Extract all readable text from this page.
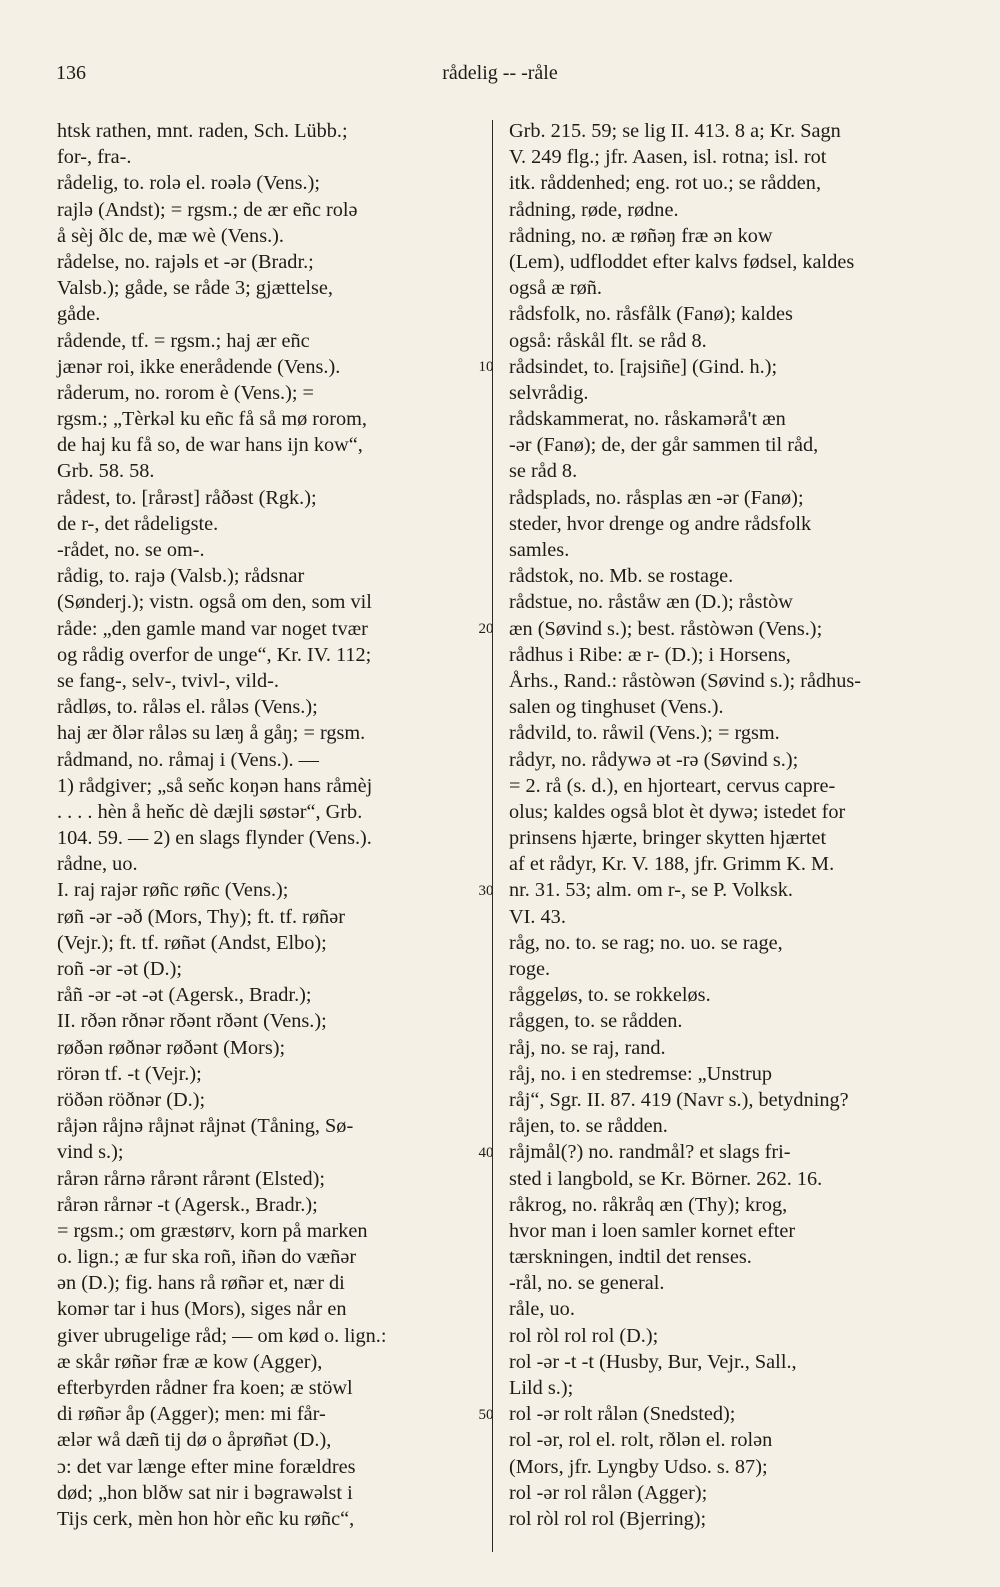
136	rådelig -- -råle
htsk rathen, mnt. raden, Sch. Lübb.;
for-, fra-.
rådelig, to. rolə el. roələ (Vens.);
rajlə (Andst); = rgsm.; de ær eñc rolə
å sèj ðlc de, mæ wè (Vens.).
rådelse, no. rajəls et -ər (Bradr.;
Valsb.); gåde, se råde 3; gjættelse,
gåde.
rådende, tf. = rgsm.; haj ær eñc
jænər roi, ikke enerådende (Vens.).
råderum, no. rorom è (Vens.); =
rgsm.; „Tèrkəl ku eñc få så mø rorom,
de haj ku få so, de war hans ijn kow“,
Grb. 58. 58.
rådest, to. [rårəst] råðəst (Rgk.);
de r-, det rådeligste.
-rådet, no. se om-.
rådig, to. rajə (Valsb.); rådsnar
(Sønderj.); vistn. også om den, som vil
råde: „den gamle mand var noget tvær
og rådig overfor de unge“, Kr. IV. 112;
se fang-, selv-, tvivl-, vild-.
rådløs, to. råləs el. råləs (Vens.);
haj ær ðlər råləs su læŋ å gåŋ; = rgsm.
rådmand, no. råmaj i (Vens.). —
1) rådgiver; „så seňc koŋən hans råmèj
. . . . hèn å heňc dè dæjli søstər“, Grb.
104. 59. — 2) en slags flynder (Vens.).
rådne, uo.
I. raj rajər røñc røñc (Vens.);
røñ -ər -əð (Mors, Thy); ft. tf. røñər
(Vejr.); ft. tf. røñət (Andst, Elbo);
roñ -ər -ət (D.);
råñ -ər -ət -ət (Agersk., Bradr.);
II. rðən rðnər rðənt rðənt (Vens.);
røðən røðnər røðənt (Mors);
rörən tf. -t (Vejr.);
röðən röðnər (D.);
råjən råjnə råjnət råjnət (Tåning, Sø-
vind s.);
rårən rårnə rårənt rårənt (Elsted);
rårən rårnər -t (Agersk., Bradr.);
= rgsm.; om græstørv, korn på marken
o. lign.; æ fur ska roñ, iñən do væñər
ən (D.); fig. hans rå røñər et, nær di
komər tar i hus (Mors), siges når en
giver ubrugelige råd; — om kød o. lign.:
æ skår røñər fræ æ kow (Agger),
efterbyrden rådner fra koen; æ stöwl
di røñər åp (Agger); men: mi får-
ælər wå dæñ tij dø o åprøñət (D.),
ɔ: det var længe efter mine forældres
død; „hon blðw sat nir i bəgrawəlst i
Tijs cerk, mèn hon hòr eñc ku røñc“,
10
20
30
40
50
Grb. 215. 59; se lig II. 413. 8 a; Kr. Sagn
V. 249 flg.; jfr. Aasen, isl. rotna; isl. rot
itk. råddenhed; eng. rot uo.; se rådden,
rådning, røde, rødne.
rådning, no. æ røñəŋ fræ ən kow
(Lem), udfloddet efter kalvs fødsel, kaldes
også æ røñ.
rådsfolk, no. råsfålk (Fanø); kaldes
også: råskål flt. se råd 8.
rådsindet, to. [rajsiñe] (Gind. h.);
selvrådig.
rådskammerat, no. råskamərå't æn
-ər (Fanø); de, der går sammen til råd,
se råd 8.
rådsplads, no. råsplas æn -ər (Fanø);
steder, hvor drenge og andre rådsfolk
samles.
rådstok, no. Mb. se rostage.
rådstue, no. råståw æn (D.); råstòw
æn (Søvind s.); best. råstòwən (Vens.);
rådhus i Ribe: æ r- (D.); i Horsens,
Århs., Rand.: råstòwən (Søvind s.); rådhus-
salen og tinghuset (Vens.).
rådvild, to. råwil (Vens.); = rgsm.
rådyr, no. rådywə ət -rə (Søvind s.);
= 2. rå (s. d.), en hjorteart, cervus capre-
olus; kaldes også blot èt dywə; istedet for
prinsens hjærte, bringer skytten hjærtet
af et rådyr, Kr. V. 188, jfr. Grimm K. M.
nr. 31. 53; alm. om r-, se P. Volksk.
VI. 43.
råg, no. to. se rag; no. uo. se rage,
roge.
råggeløs, to. se rokkeløs.
råggen, to. se rådden.
råj, no. se raj, rand.
råj, no. i en stedremse: „Unstrup
råj“, Sgr. II. 87. 419 (Navr s.), betydning?
råjen, to. se rådden.
råjmål(?) no. randmål? et slags fri-
sted i langbold, se Kr. Börner. 262. 16.
råkrog, no. råkråq æn (Thy); krog,
hvor man i loen samler kornet efter
tærskningen, indtil det renses.
-rål, no. se general.
råle, uo.
rol ròl rol rol (D.);
rol -ər -t -t (Husby, Bur, Vejr., Sall.,
Lild s.);
rol -ər rolt rålən (Snedsted);
rol -ər, rol el. rolt, rðlən el. rolən
(Mors, jfr. Lyngby Udso. s. 87);
rol -ər rol rålən (Agger);
rol ròl rol rol (Bjerring);
